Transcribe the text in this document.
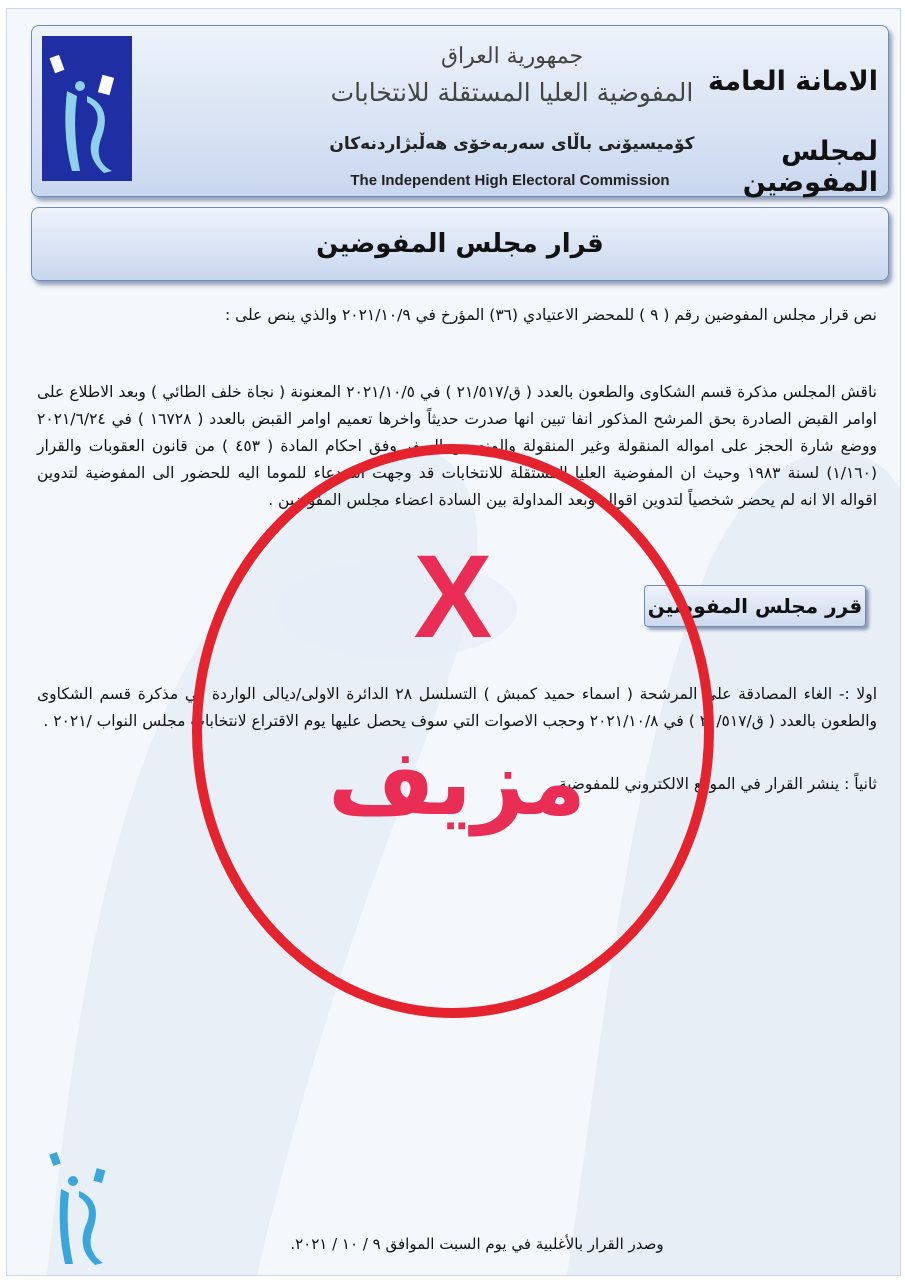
جمهورية العراق
المفوضية العليا المستقلة للانتخابات
کۆمیسیۆنی باڵای سەربەخۆی هەڵبژاردنەکان
The Independent High Electoral Commission
الامانة العامة
لمجلس المفوضين
قرار مجلس المفوضين
نص قرار مجلس المفوضين رقم ( ٩ ) للمحضر الاعتيادي (٣٦) المؤرخ في ٢٠٢١/١٠/٩ والذي ينص على :
ناقش المجلس مذكرة قسم الشكاوى والطعون بالعدد ( ق/٢١/٥١٧ ) في ٢٠٢١/١٠/٥ المعنونة ( نجاة خلف الطائي ) وبعد الاطلاع على اوامر القبض الصادرة بحق المرشح المذكور انفا تبين انها صدرت حديثاً واخرها تعميم اوامر القبض بالعدد ( ١٦٧٢٨ ) في ٢٠٢١/٦/٢٤ ووضع شارة الحجز على امواله المنقولة وغير المنقولة والمنع من السفر وفق احكام المادة ( ٤٥٣ ) من قانون العقوبات والقرار (١/١٦٠) لسنة ١٩٨٣ وحيث ان المفوضية العليا المستقلة للانتخابات قد وجهت استدعاء للموما اليه للحضور الى المفوضية لتدوين اقواله الا انه لم يحضر شخصياً لتدوين اقواله وبعد المداولة بين السادة اعضاء مجلس المفوضين .
قرر مجلس المفوضين
اولا :- الغاء المصادقة على المرشحة ( اسماء حميد كمبش ) التسلسل ٢٨ الدائرة الاولى/ديالى الواردة في مذكرة قسم الشكاوى والطعون بالعدد ( ق/٢١/٥١٧ ) في ٢٠٢١/١٠/٨ وحجب الاصوات التي سوف يحصل عليها يوم الاقتراع لانتخابات مجلس النواب /٢٠٢١ .
ثانياً : ينشر القرار في الموقع الالكتروني للمفوضية .
وصدر القرار بالأغلبية في يوم السبت الموافق ٩ / ١٠ / ٢٠٢١.
X
مزيف
